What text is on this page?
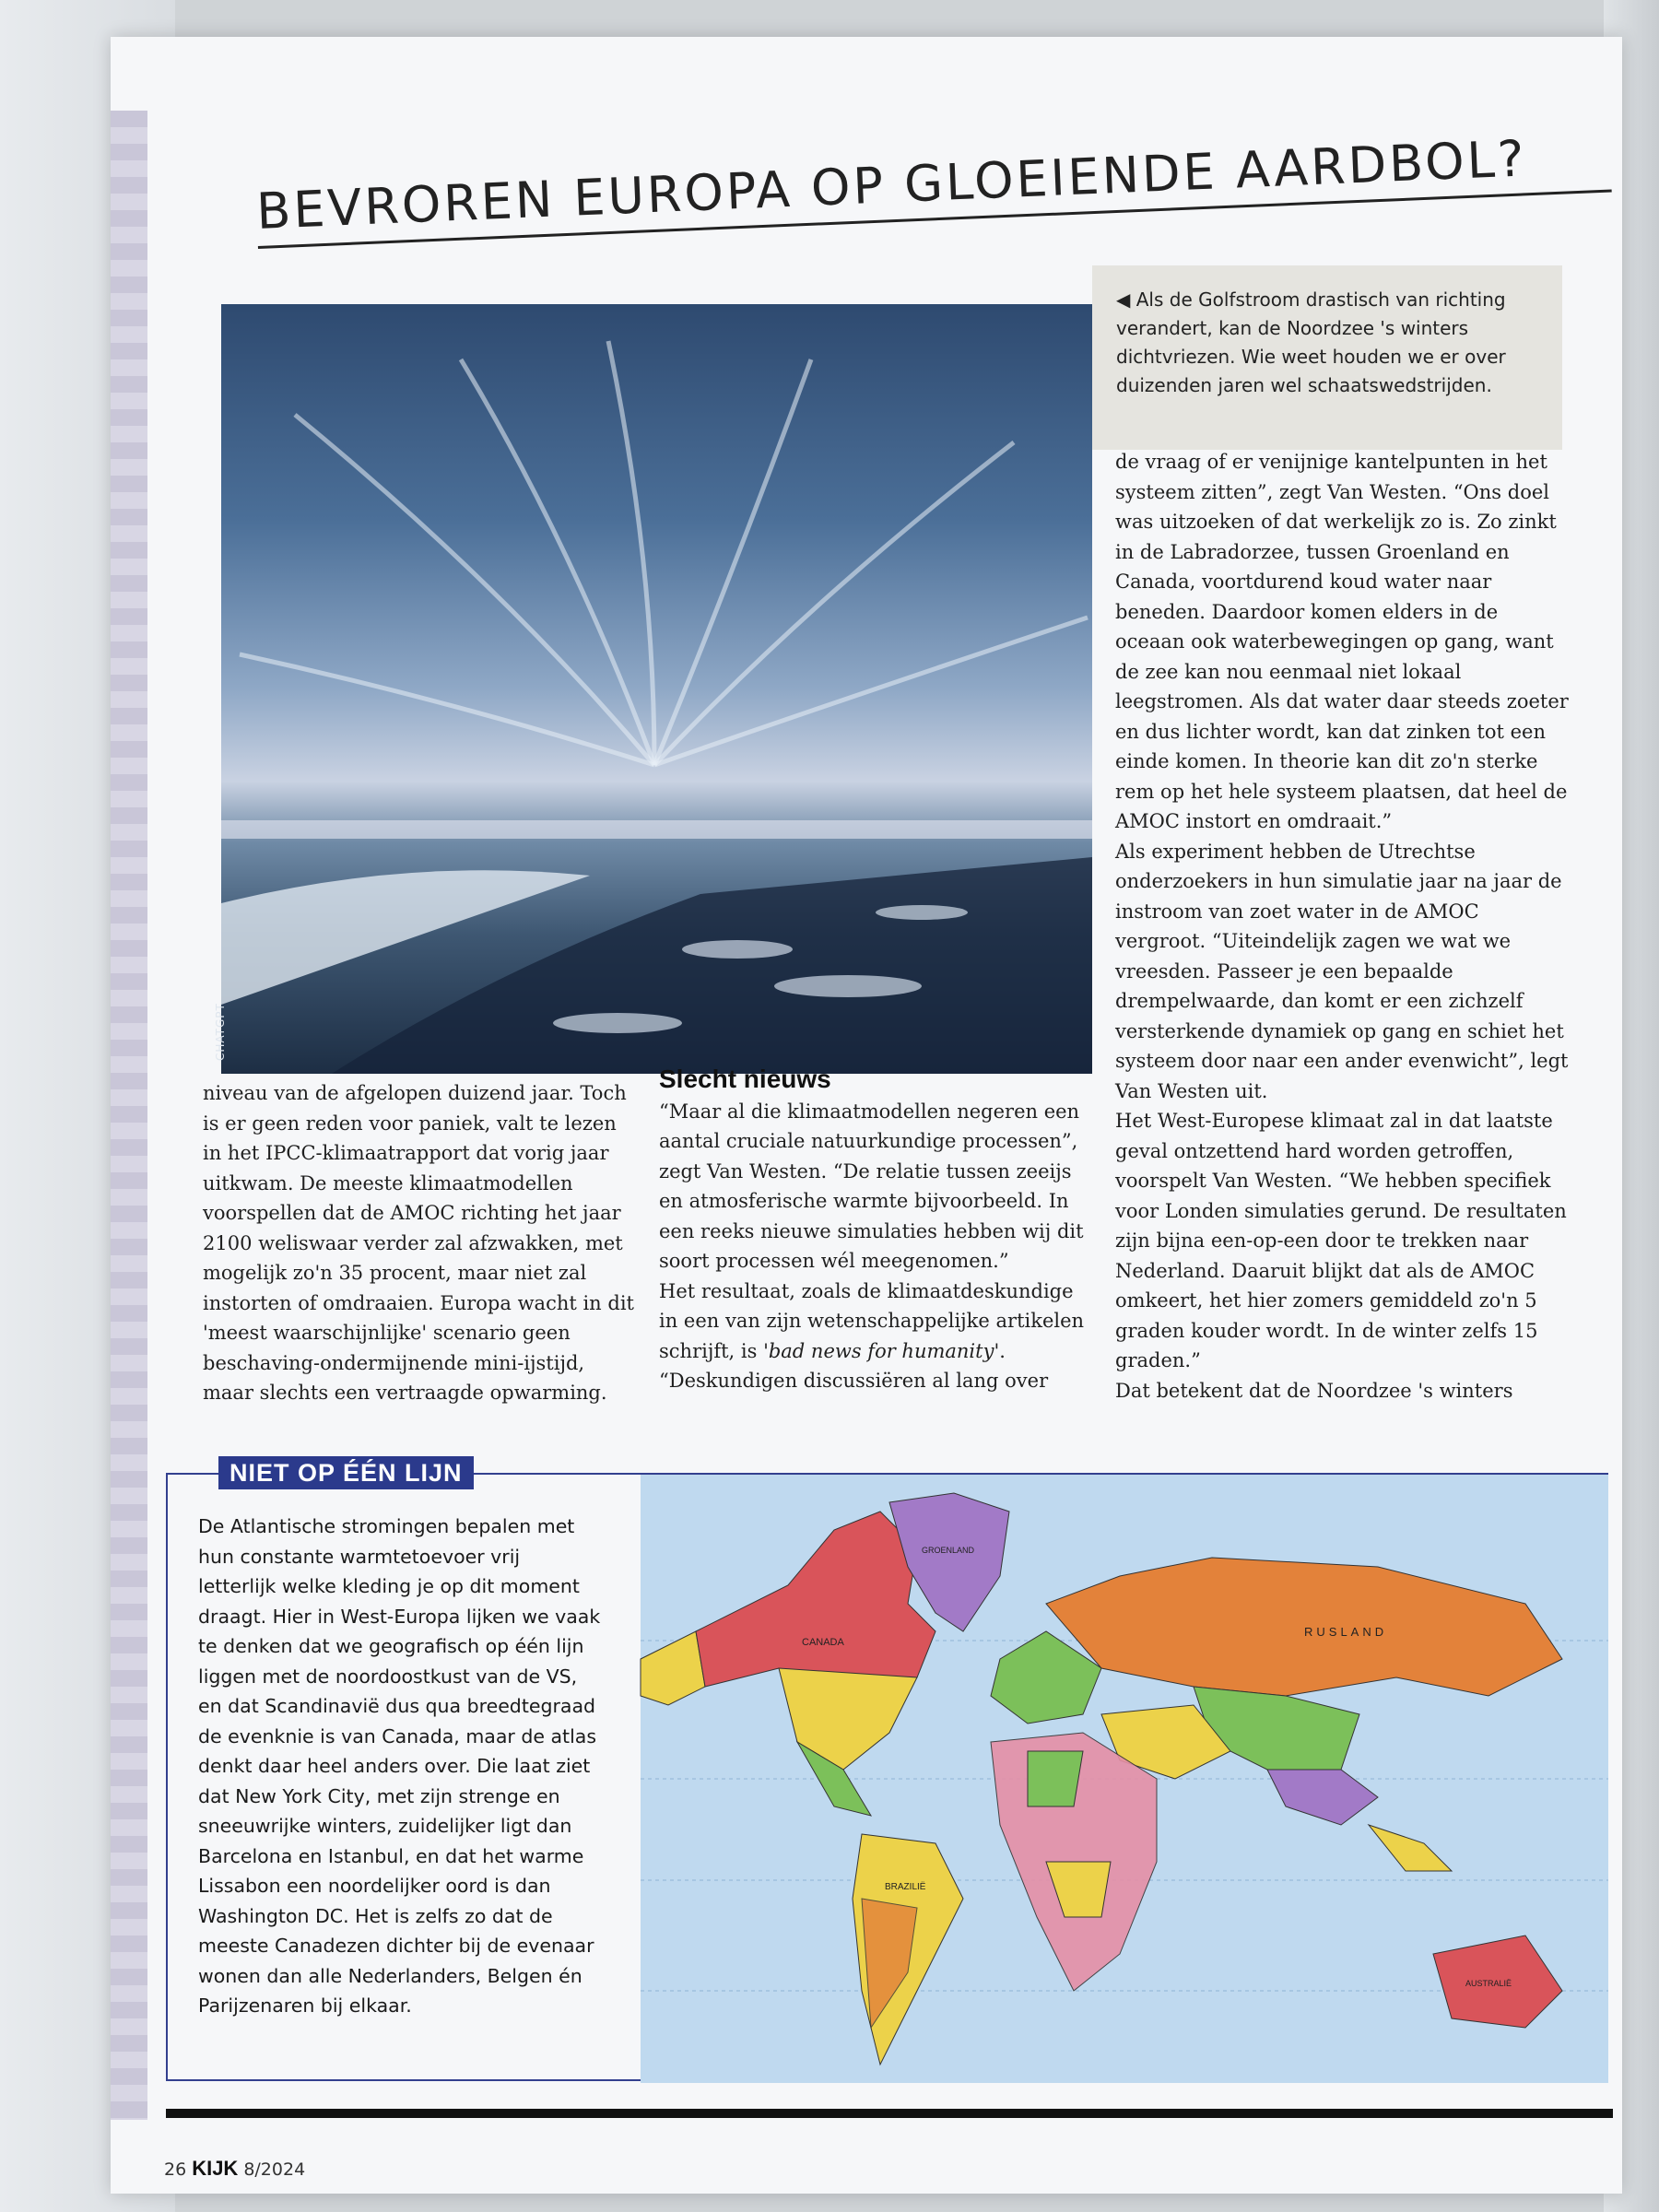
BEVROREN EUROPA OP GLOEIENDE AARDBOL?
CHATGPT
◀ Als de Golfstroom drastisch van richting verandert, kan de Noordzee 's winters dichtvriezen. Wie weet houden we er over duizenden jaren wel schaatswedstrijden.

niveau van de afgelopen duizend jaar. Toch is er geen reden voor paniek, valt te lezen in het IPCC-klimaatrapport dat vorig jaar uitkwam. De meeste klimaatmodellen voorspellen dat de AMOC richting het jaar 2100 weliswaar verder zal afzwakken, met mogelijk zo'n 35 procent, maar niet zal instorten of omdraaien. Europa wacht in dit 'meest waarschijnlijke' scenario geen beschaving-ondermijnende mini-ijstijd, maar slechts een vertraagde opwarming.

Slecht nieuws

“Maar al die klimaatmodellen negeren een aantal cruciale natuurkundige processen”, zegt Van Westen. “De relatie tussen zeeijs en atmosferische warmte bijvoorbeeld. In een reeks nieuwe simulaties hebben wij dit soort processen wél meegenomen.”

Het resultaat, zoals de klimaatdeskundige in een van zijn wetenschappelijke artikelen schrijft, is 'bad news for humanity'.

“Deskundigen discussiëren al lang over

de vraag of er venijnige kantelpunten in het systeem zitten”, zegt Van Westen. “Ons doel was uitzoeken of dat werkelijk zo is. Zo zinkt in de Labradorzee, tussen Groenland en Canada, voortdurend koud water naar beneden. Daardoor komen elders in de oceaan ook waterbewegingen op gang, want de zee kan nou eenmaal niet lokaal leegstromen. Als dat water daar steeds zoeter en dus lichter wordt, kan dat zinken tot een einde komen. In theorie kan dit zo'n sterke rem op het hele systeem plaatsen, dat heel de AMOC instort en omdraait.”

Als experiment hebben de Utrechtse onderzoekers in hun simulatie jaar na jaar de instroom van zoet water in de AMOC vergroot. “Uiteindelijk zagen we wat we vreesden. Passeer je een bepaalde drempelwaarde, dan komt er een zichzelf versterkende dynamiek op gang en schiet het systeem door naar een ander evenwicht”, legt Van Westen uit.

Het West-Europese klimaat zal in dat laatste geval ontzettend hard worden getroffen, voorspelt Van Westen. “We hebben specifiek voor Londen simulaties gerund. De resultaten zijn bijna een-op-een door te trekken naar Nederland. Daaruit blijkt dat als de AMOC omkeert, het hier zomers gemiddeld zo'n 5 graden kouder wordt. In de winter zelfs 15 graden.”

Dat betekent dat de Noordzee 's winters

NIET OP ÉÉN LIJN
De Atlantische stromingen bepalen met hun constante warmtetoevoer vrij letterlijk welke kleding je op dit moment draagt. Hier in West-Europa lijken we vaak te denken dat we geografisch op één lijn liggen met de noordoostkust van de VS, en dat Scandinavië dus qua breedtegraad de evenknie is van Canada, maar de atlas denkt daar heel anders over. Die laat ziet dat New York City, met zijn strenge en sneeuwrijke winters, zuidelijker ligt dan Barcelona en Istanbul, en dat het warme Lissabon een noordelijker oord is dan Washington DC. Het is zelfs zo dat de meeste Canadezen dichter bij de evenaar wonen dan alle Nederlanders, Belgen én Parijzenaren bij elkaar.
CANADA
GROENLAND
RUSLAND
BRAZILIË
AUSTRALIË
26 KIJK 8/2024
